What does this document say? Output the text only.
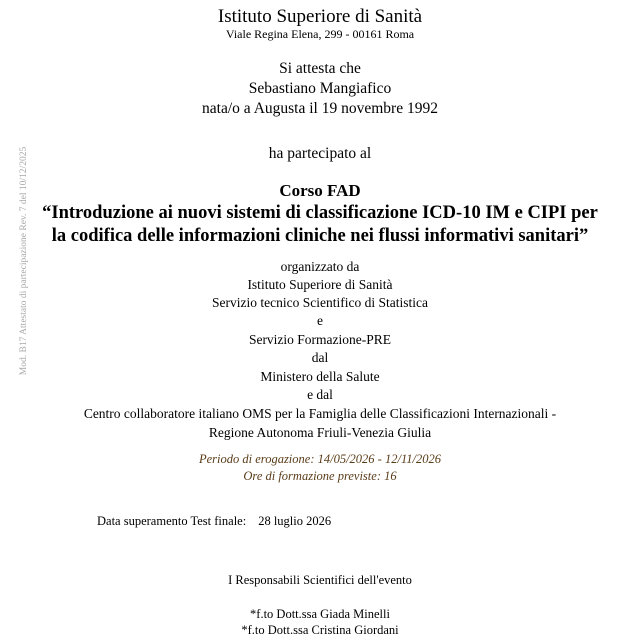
Mod. B17 Attestato di partecipazione Rev. 7 del 10/12/2025
Istituto Superiore di Sanità
Viale Regina Elena, 299 - 00161 Roma
Si attesta che
Sebastiano Mangiafico
nata/o a Augusta il 19 novembre 1992
ha partecipato al
Corso FAD
“Introduzione ai nuovi sistemi di classificazione ICD-10 IM e CIPI per
la codifica delle informazioni cliniche nei flussi informativi sanitari”
organizzato da
Istituto Superiore di Sanità
Servizio tecnico Scientifico di Statistica
e
Servizio Formazione-PRE
dal
Ministero della Salute
e dal
Centro collaboratore italiano OMS per la Famiglia delle Classificazioni Internazionali -
Regione Autonoma Friuli-Venezia Giulia
Periodo di erogazione: 14/05/2026 - 12/11/2026
Ore di formazione previste: 16
Data superamento Test finale: 28 luglio 2026
I Responsabili Scientifici dell'evento
*f.to Dott.ssa Giada Minelli
*f.to Dott.ssa Cristina Giordani
